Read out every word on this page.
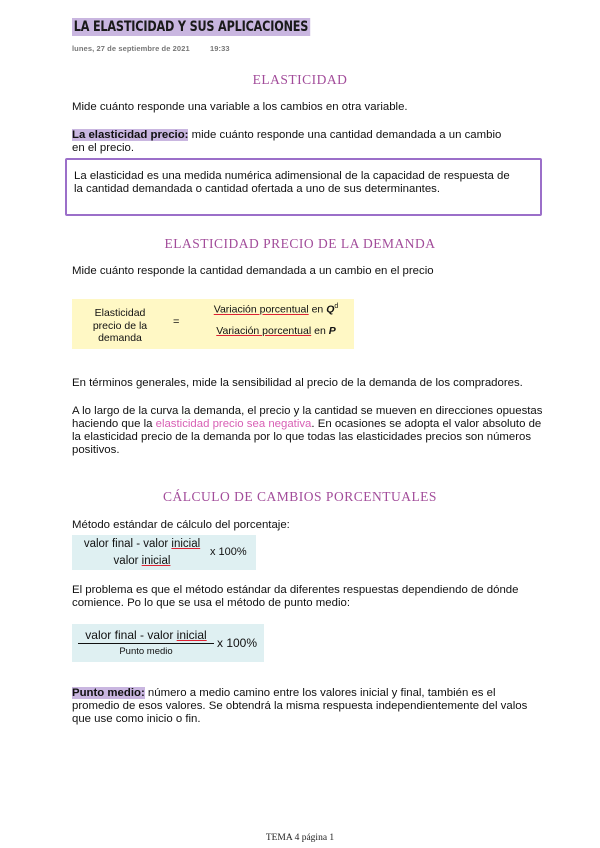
LA ELASTICIDAD Y SUS APLICACIONES
lunes, 27 de septiembre de 2021	19:33
ELASTICIDAD
Mide cuánto responde una variable a los cambios en otra variable.
La elasticidad precio: mide cuánto responde una cantidad demandada a un cambio
en el precio.
La elasticidad es una medida numérica adimensional de la capacidad de respuesta de
la cantidad demandada o cantidad ofertada a uno de sus determinantes.
ELASTICIDAD PRECIO DE LA DEMANDA
Mide cuánto responde la cantidad demandada a un cambio en el precio
Elasticidad
precio de la
demanda
=
Variación porcentual en $Q^d$
Variación porcentual en P
En términos generales, mide la sensibilidad al precio de la demanda de los compradores.
A lo largo de la curva la demanda, el precio y la cantidad se mueven en direcciones opuestas
haciendo que la elasticidad precio sea negativa. En ocasiones se adopta el valor absoluto de
la elasticidad precio de la demanda por lo que todas las elasticidades precios son números
positivos.
CÁLCULO DE CAMBIOS PORCENTUALES
Método estándar de cálculo del porcentaje:
valor final - valor inicial
valor inicial
x 100%
El problema es que el método estándar da diferentes respuestas dependiendo de dónde
comience. Po lo que se usa el método de punto medio:
valor final - valor inicial
Punto medio
x 100%
Punto medio: número a medio camino entre los valores inicial y final, también es el
promedio de esos valores. Se obtendrá la misma respuesta independientemente del valos
que use como inicio o fin.
TEMA 4 página 1
